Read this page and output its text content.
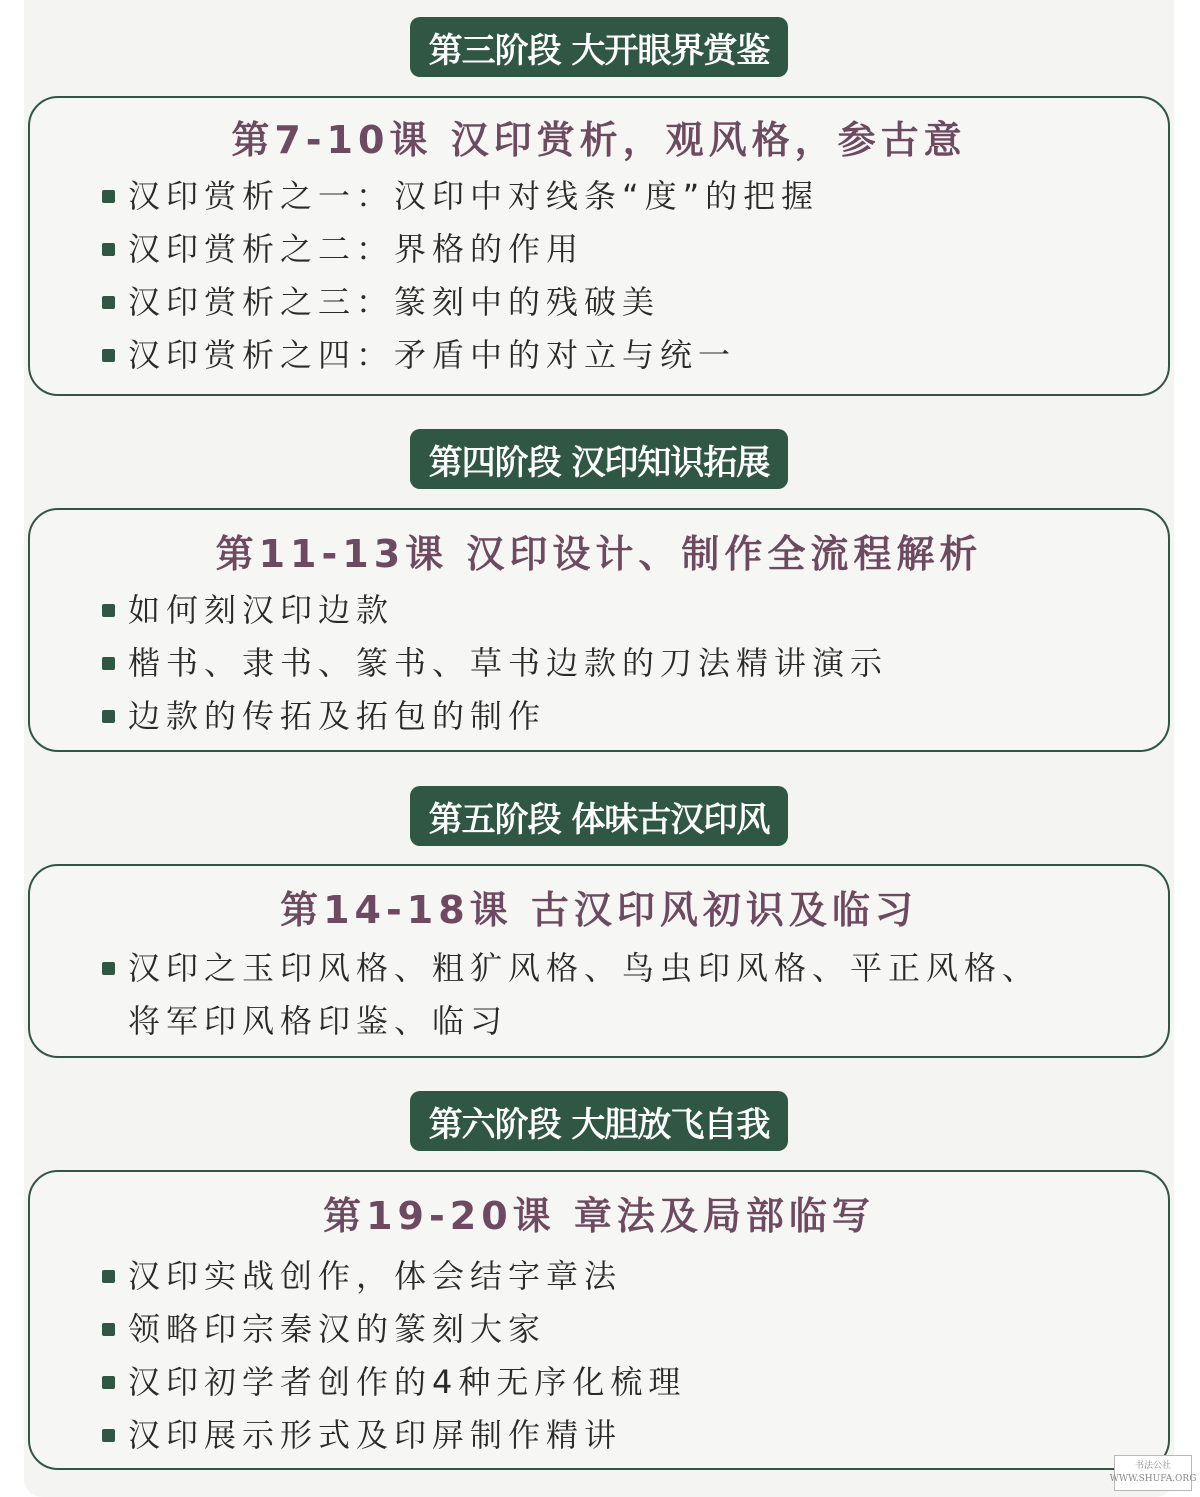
第三阶段 大开眼界赏鉴
第7-10课 汉印赏析，观风格，参古意
汉印赏析之一：汉印中对线条“度”的把握
汉印赏析之二：界格的作用
汉印赏析之三：篆刻中的残破美
汉印赏析之四：矛盾中的对立与统一
第四阶段 汉印知识拓展
第11-13课 汉印设计、制作全流程解析
如何刻汉印边款
楷书、隶书、篆书、草书边款的刀法精讲演示
边款的传拓及拓包的制作
第五阶段 体味古汉印风
第14-18课 古汉印风初识及临习
汉印之玉印风格、粗犷风格、鸟虫印风格、平正风格、
将军印风格印鉴、临习
第六阶段 大胆放飞自我
第19-20课 章法及局部临写
汉印实战创作，体会结字章法
领略印宗秦汉的篆刻大家
汉印初学者创作的4种无序化梳理
汉印展示形式及印屏制作精讲
书法公社
WWW.SHUFA.ORG
